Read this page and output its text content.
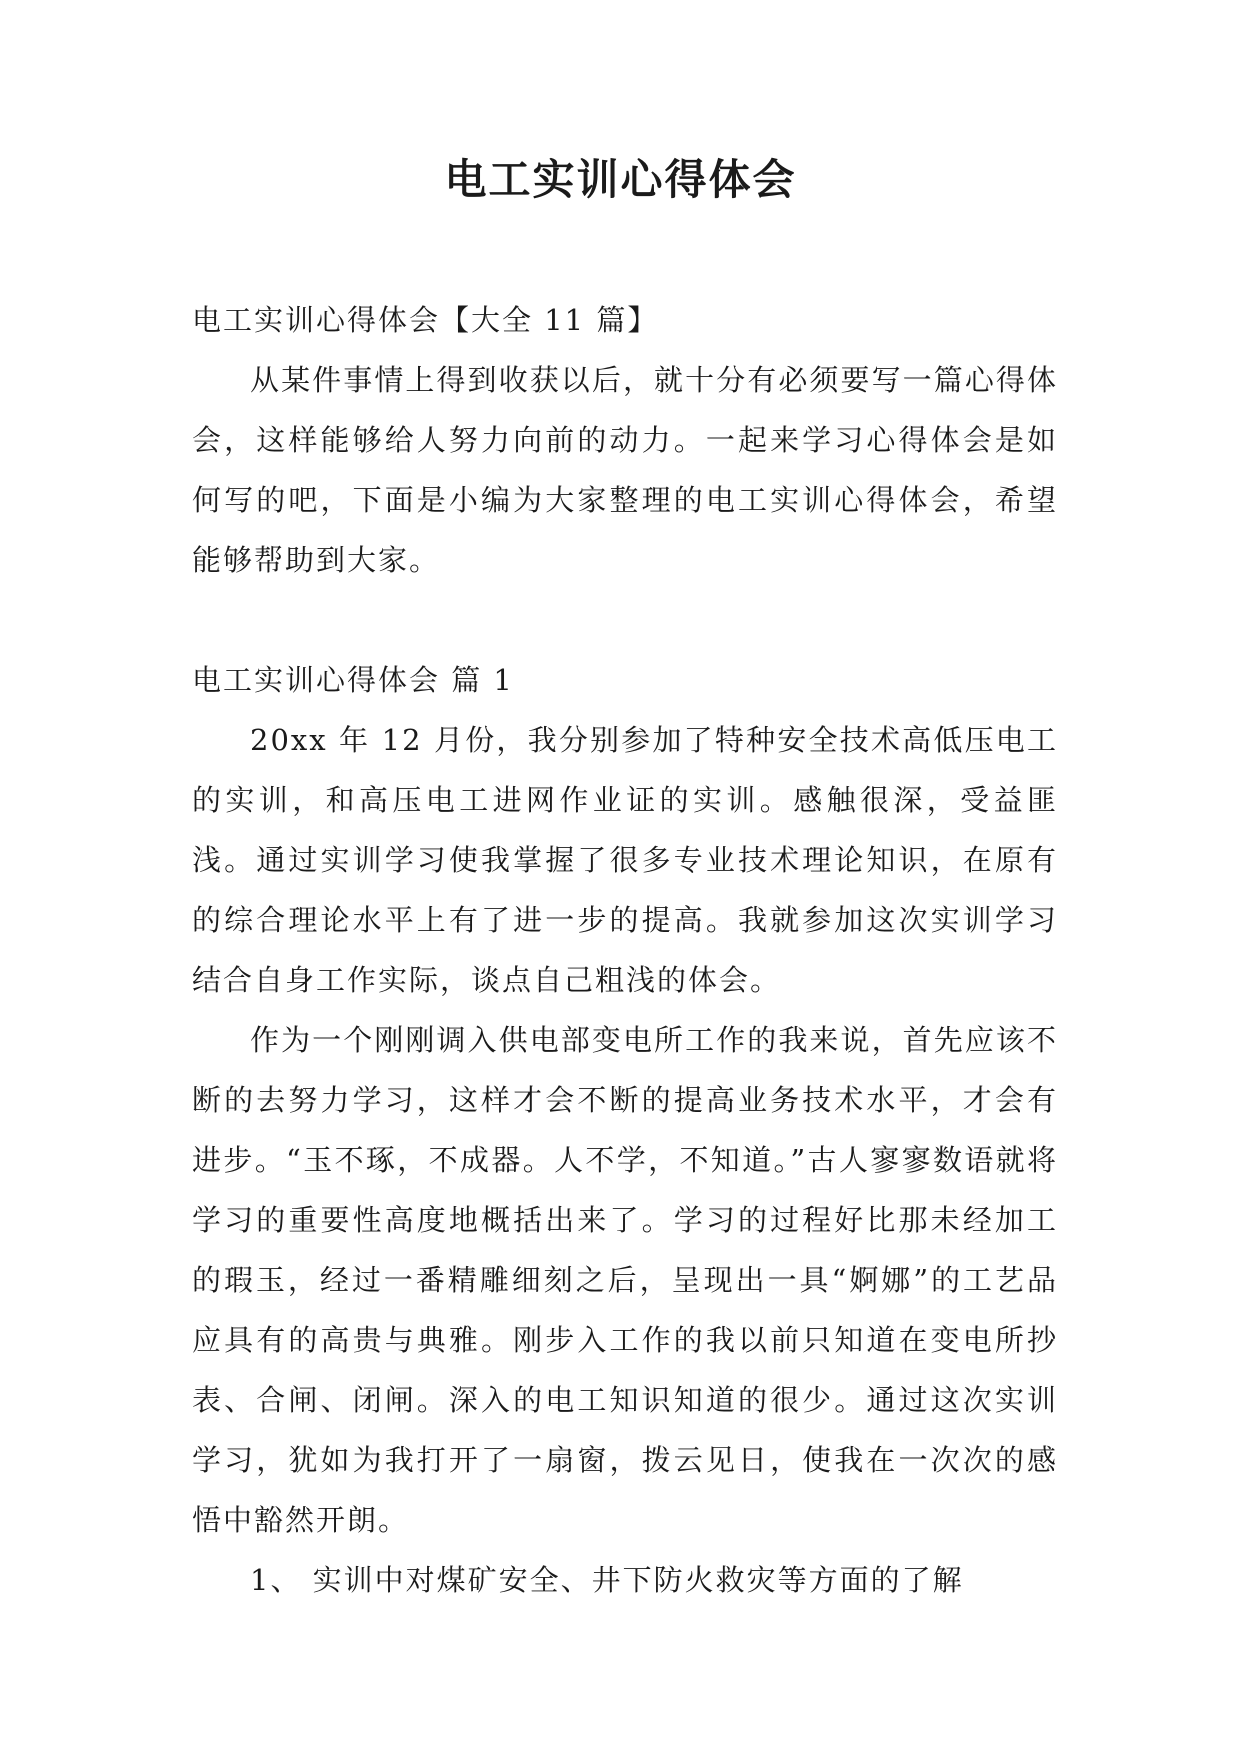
电工实训心得体会

电工实训心得体会【大全 11 篇】

从某件事情上得到收获以后，就十分有必须要写一篇心得体会，这样能够给人努力向前的动力。一起来学习心得体会是如何写的吧，下面是小编为大家整理的电工实训心得体会，希望能够帮助到大家。

电工实训心得体会 篇 1

20xx 年 12 月份，我分别参加了特种安全技术高低压电工的实训，和高压电工进网作业证的实训。感触很深，受益匪浅。通过实训学习使我掌握了很多专业技术理论知识，在原有的综合理论水平上有了进一步的提高。我就参加这次实训学习结合自身工作实际，谈点自己粗浅的体会。

作为一个刚刚调入供电部变电所工作的我来说，首先应该不断的去努力学习，这样才会不断的提高业务技术水平，才会有进步。“玉不琢，不成器。人不学，不知道。”古人寥寥数语就将学习的重要性高度地概括出来了。学习的过程好比那未经加工的瑕玉，经过一番精雕细刻之后，呈现出一具“婀娜”的工艺品应具有的高贵与典雅。刚步入工作的我以前只知道在变电所抄表、合闸、闭闸。深入的电工知识知道的很少。通过这次实训学习，犹如为我打开了一扇窗，拨云见日，使我在一次次的感悟中豁然开朗。

1、 实训中对煤矿安全、井下防火救灾等方面的了解
